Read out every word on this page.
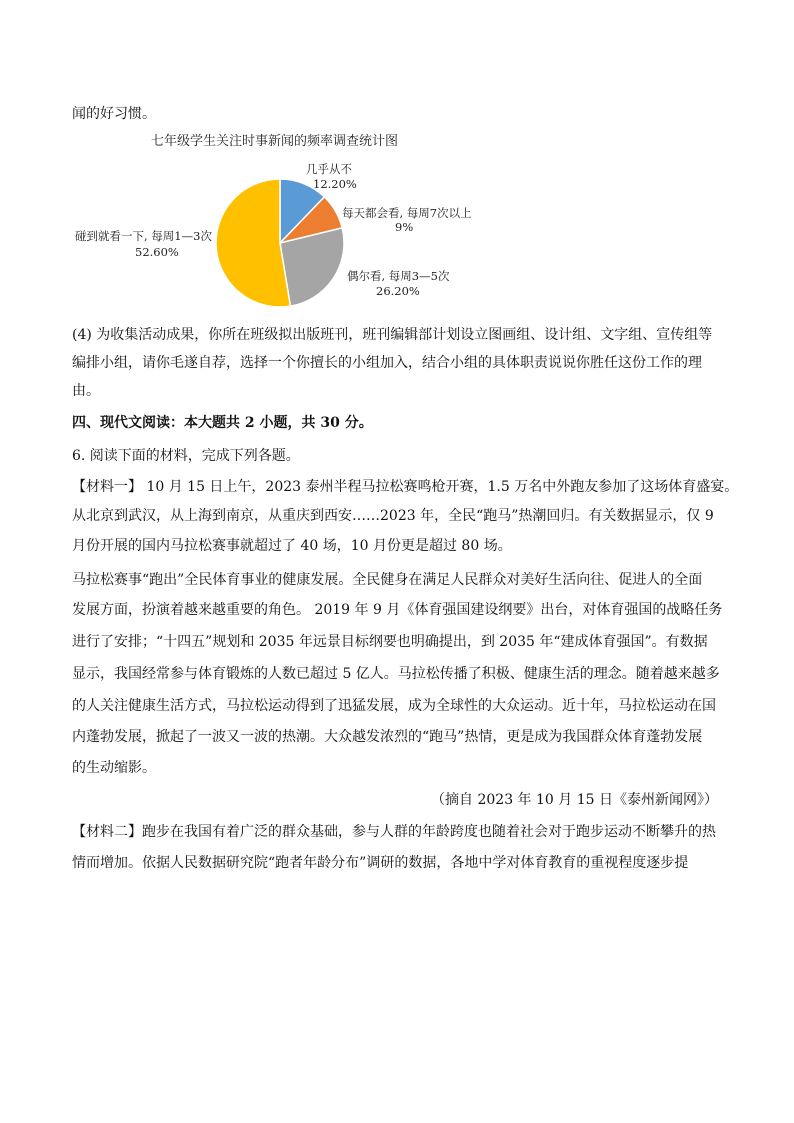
闻的好习惯。
七年级学生关注时事新闻的频率调查统计图
几乎从不
12.20%
每天都会看, 每周7次以上
9%
偶尔看, 每周3—5次
26.20%
碰到就看一下, 每周1—3次
52.60%
(4) 为收集活动成果，你所在班级拟出版班刊，班刊编辑部计划设立图画组、设计组、文字组、宣传组等
编排小组，请你毛遂自荐，选择一个你擅长的小组加入，结合小组的具体职责说说你胜任这份工作的理
由。
四、现代文阅读：本大题共 2 小题，共 30 分。
6. 阅读下面的材料，完成下列各题。
【材料一】 10 月 15 日上午，2023 泰州半程马拉松赛鸣枪开赛，1.5 万名中外跑友参加了这场体育盛宴。
从北京到武汉，从上海到南京，从重庆到西安……2023 年，全民“跑马”热潮回归。有关数据显示，仅 9
月份开展的国内马拉松赛事就超过了 40 场，10 月份更是超过 80 场。
马拉松赛事“跑出”全民体育事业的健康发展。全民健身在满足人民群众对美好生活向往、促进人的全面
发展方面，扮演着越来越重要的角色。 2019 年 9 月《体育强国建设纲要》出台，对体育强国的战略任务
进行了安排；“十四五”规划和 2035 年远景目标纲要也明确提出，到 2035 年“建成体育强国”。有数据
显示，我国经常参与体育锻炼的人数已超过 5 亿人。马拉松传播了积极、健康生活的理念。随着越来越多
的人关注健康生活方式，马拉松运动得到了迅猛发展，成为全球性的大众运动。近十年，马拉松运动在国
内蓬勃发展，掀起了一波又一波的热潮。大众越发浓烈的“跑马”热情，更是成为我国群众体育蓬勃发展
的生动缩影。
（摘自 2023 年 10 月 15 日《泰州新闻网》）
【材料二】跑步在我国有着广泛的群众基础，参与人群的年龄跨度也随着社会对于跑步运动不断攀升的热
情而增加。依据人民数据研究院“跑者年龄分布”调研的数据，各地中学对体育教育的重视程度逐步提
